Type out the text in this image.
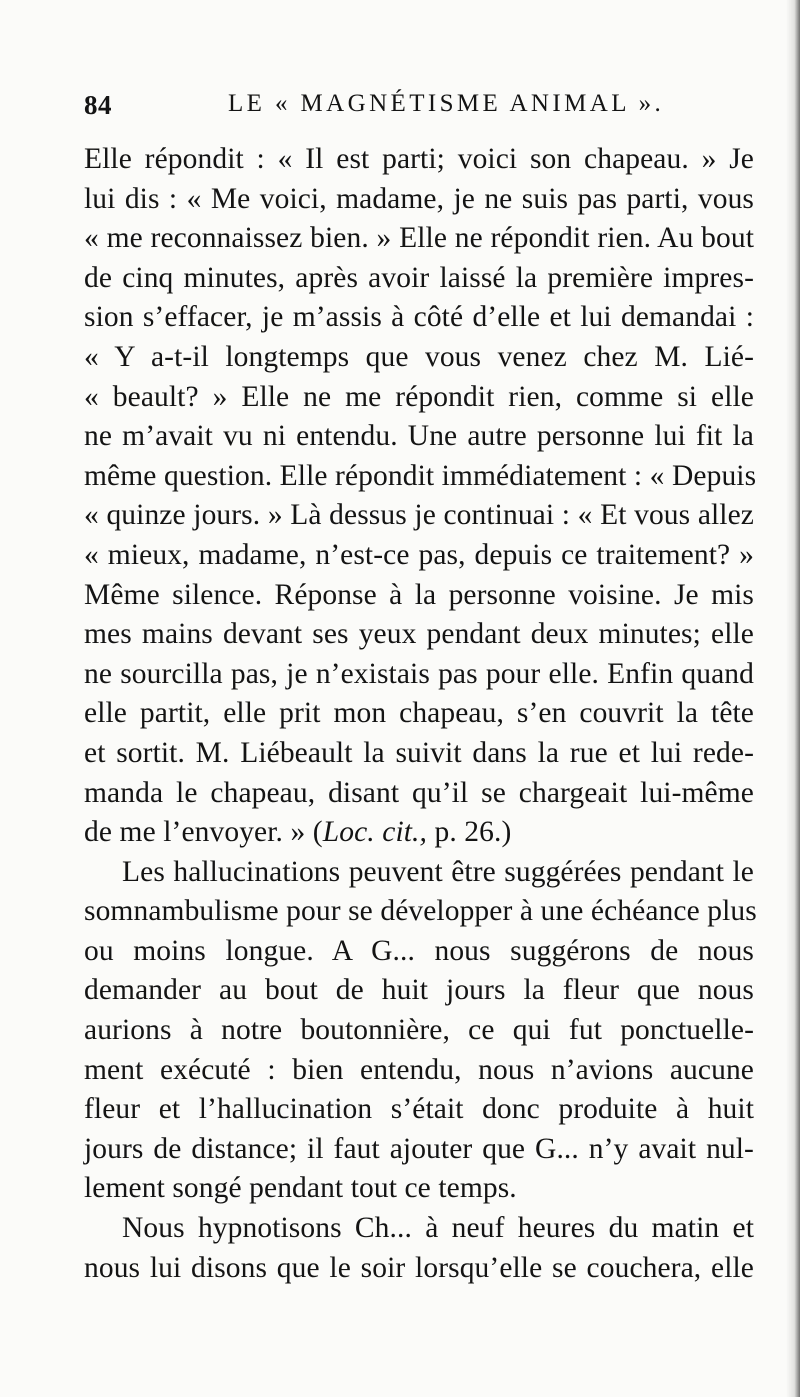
84	LE « MAGNÉTISME ANIMAL ».
Elle répondit : « Il est parti; voici son chapeau. » Je
lui dis : « Me voici, madame, je ne suis pas parti, vous
« me reconnaissez bien. » Elle ne répondit rien. Au bout
de cinq minutes, après avoir laissé la première impres-
sion s’effacer, je m’assis à côté d’elle et lui demandai :
« Y a-t-il longtemps que vous venez chez M. Lié-
« beault? » Elle ne me répondit rien, comme si elle
ne m’avait vu ni entendu. Une autre personne lui fit la
même question. Elle répondit immédiatement : « Depuis
« quinze jours. » Là dessus je continuai : « Et vous allez
« mieux, madame, n’est-ce pas, depuis ce traitement? »
Même silence. Réponse à la personne voisine. Je mis
mes mains devant ses yeux pendant deux minutes; elle
ne sourcilla pas, je n’existais pas pour elle. Enfin quand
elle partit, elle prit mon chapeau, s’en couvrit la tête
et sortit. M. Liébeault la suivit dans la rue et lui rede-
manda le chapeau, disant qu’il se chargeait lui-même
de me l’envoyer. » (Loc. cit., p. 26.)
Les hallucinations peuvent être suggérées pendant le
somnambulisme pour se développer à une échéance plus
ou moins longue. A G... nous suggérons de nous
demander au bout de huit jours la fleur que nous
aurions à notre boutonnière, ce qui fut ponctuelle-
ment exécuté : bien entendu, nous n’avions aucune
fleur et l’hallucination s’était donc produite à huit
jours de distance; il faut ajouter que G... n’y avait nul-
lement songé pendant tout ce temps.
Nous hypnotisons Ch... à neuf heures du matin et
nous lui disons que le soir lorsqu’elle se couchera, elle
